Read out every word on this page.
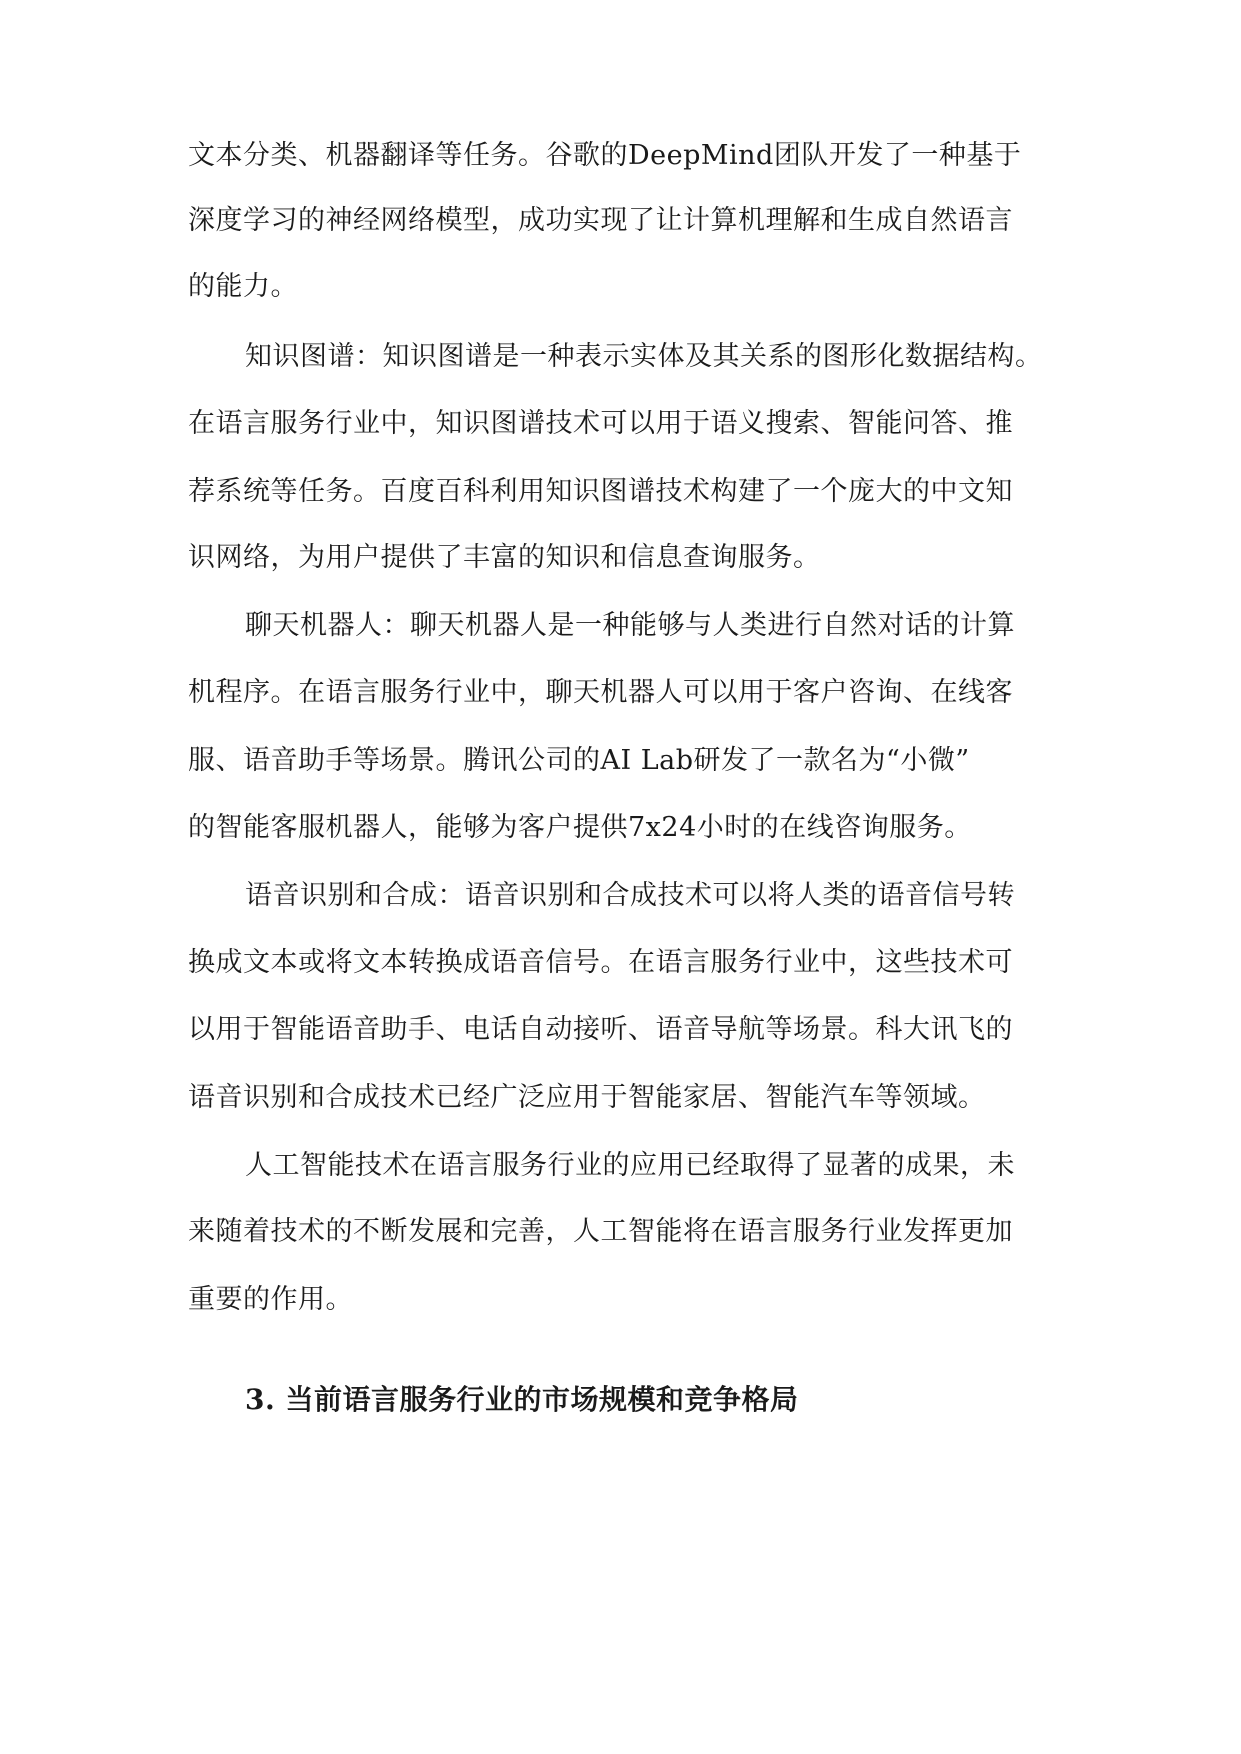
文本分类、机器翻译等任务。谷歌的DeepMind团队开发了一种基于
深度学习的神经网络模型，成功实现了让计算机理解和生成自然语言
的能力。
知识图谱：知识图谱是一种表示实体及其关系的图形化数据结构。
在语言服务行业中，知识图谱技术可以用于语义搜索、智能问答、推
荐系统等任务。百度百科利用知识图谱技术构建了一个庞大的中文知
识网络，为用户提供了丰富的知识和信息查询服务。
聊天机器人：聊天机器人是一种能够与人类进行自然对话的计算
机程序。在语言服务行业中，聊天机器人可以用于客户咨询、在线客
服、语音助手等场景。腾讯公司的AI Lab研发了一款名为“小微”
的智能客服机器人，能够为客户提供7x24小时的在线咨询服务。
语音识别和合成：语音识别和合成技术可以将人类的语音信号转
换成文本或将文本转换成语音信号。在语言服务行业中，这些技术可
以用于智能语音助手、电话自动接听、语音导航等场景。科大讯飞的
语音识别和合成技术已经广泛应用于智能家居、智能汽车等领域。
人工智能技术在语言服务行业的应用已经取得了显著的成果，未
来随着技术的不断发展和完善，人工智能将在语言服务行业发挥更加
重要的作用。
3. 当前语言服务行业的市场规模和竞争格局
